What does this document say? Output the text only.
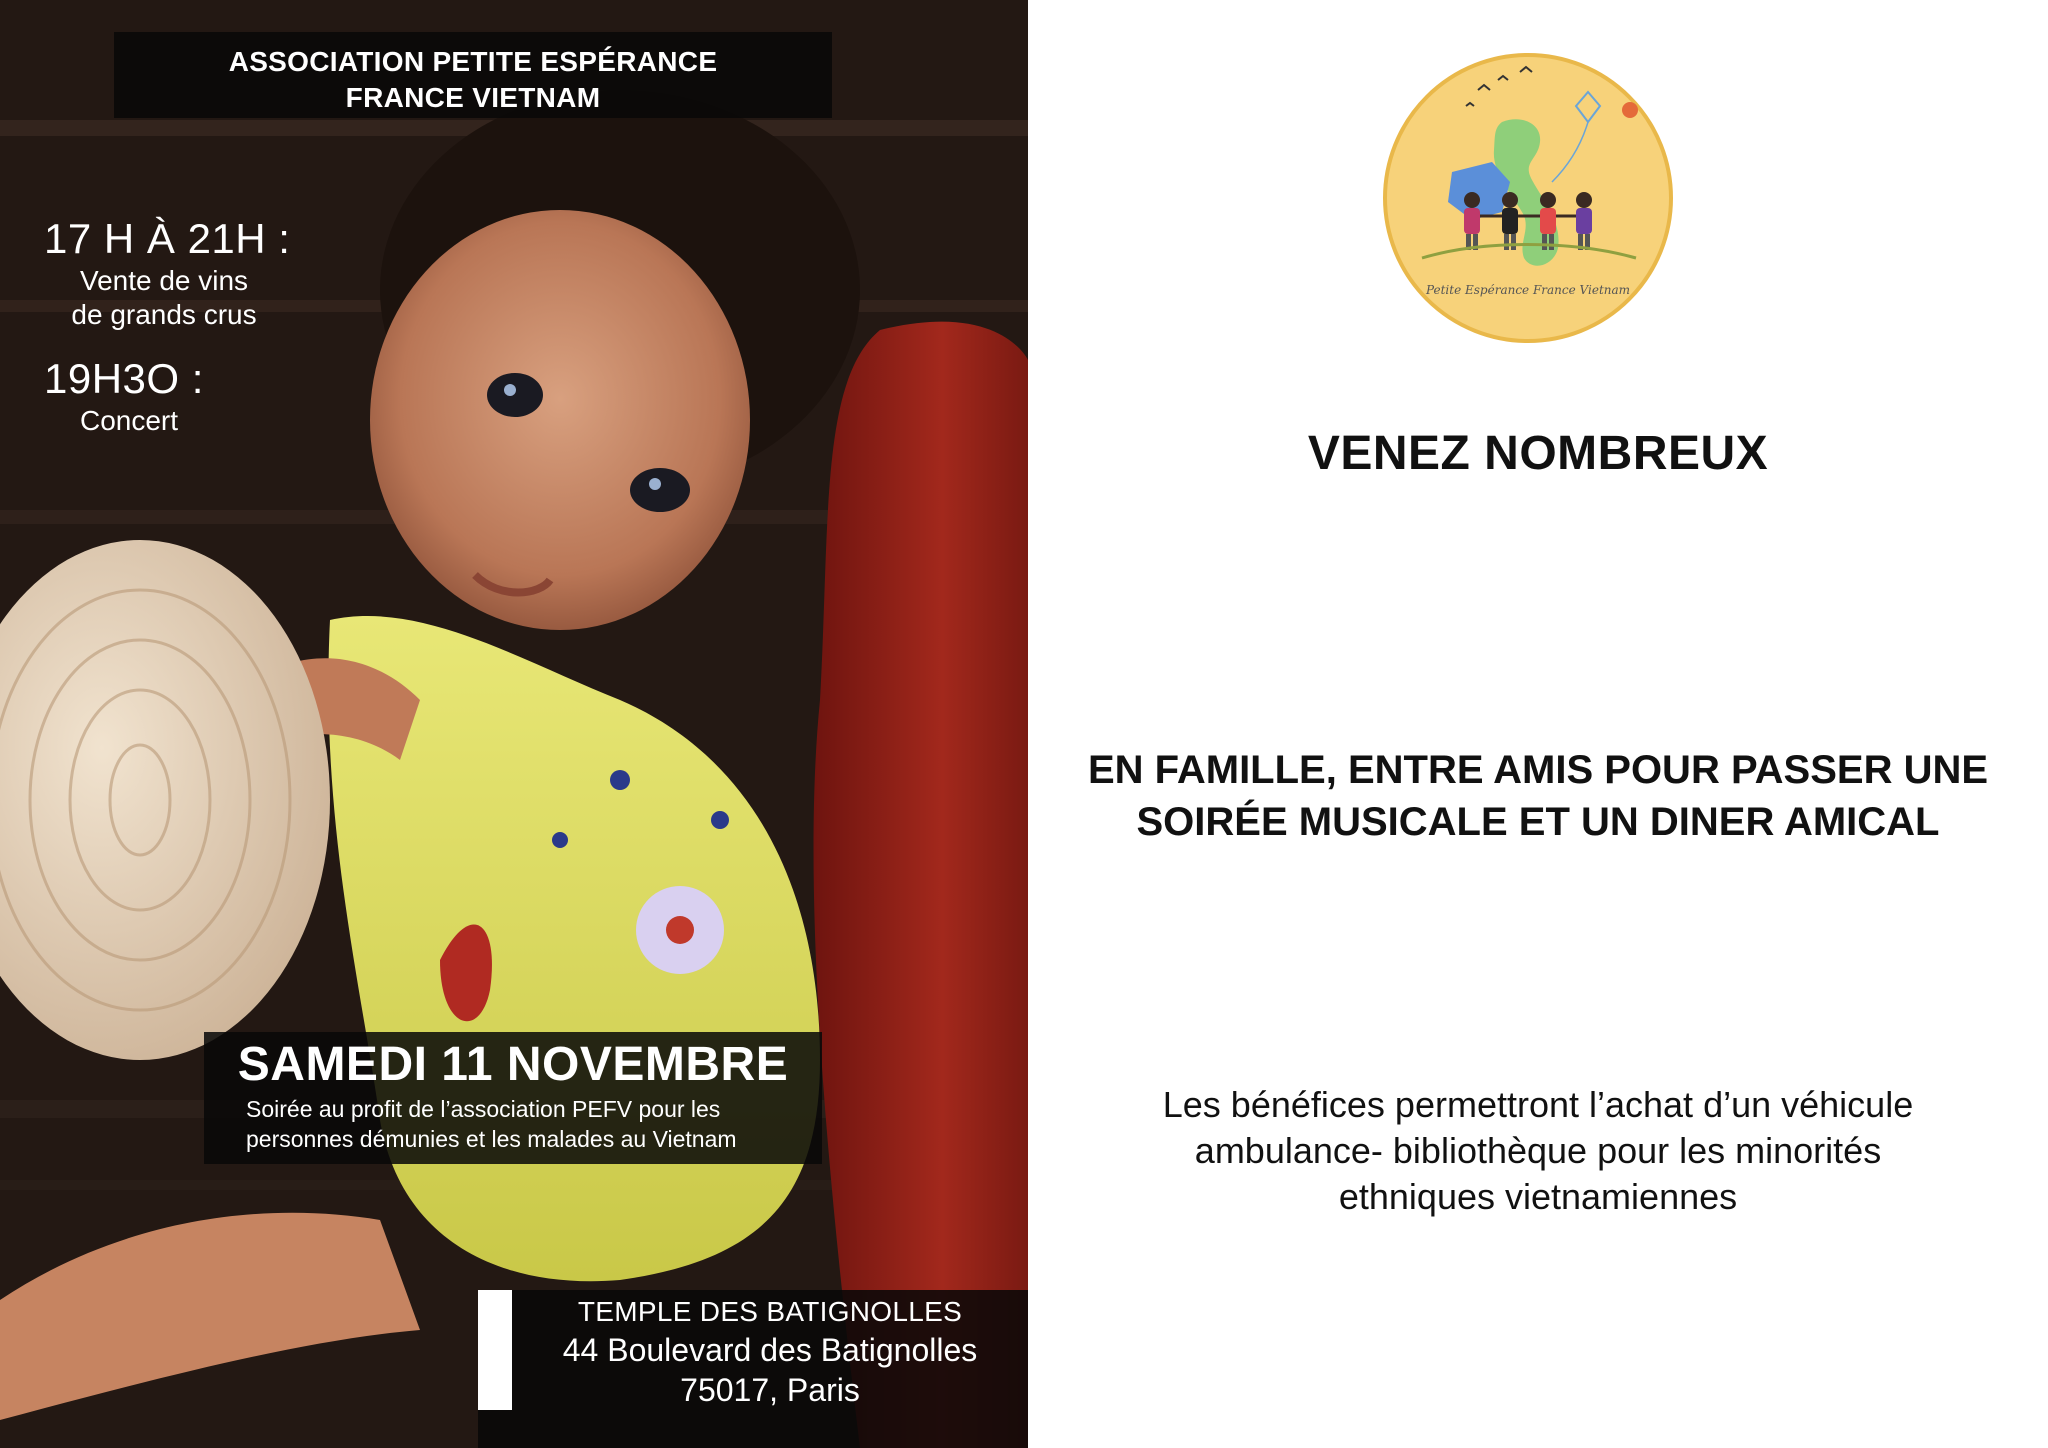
ASSOCIATION PETITE ESPÉRANCE
FRANCE VIETNAM
17 H À 21H :
Vente de vins
de grands crus
19H3O :
Concert
SAMEDI 11 NOVEMBRE
Soirée au profit de l’association PEFV pour les
personnes démunies et les malades au Vietnam
TEMPLE DES BATIGNOLLES
44 Boulevard des Batignolles
75017, Paris
Petite Espérance France Vietnam
VENEZ NOMBREUX
EN FAMILLE, ENTRE AMIS POUR PASSER UNE
SOIRÉE MUSICALE ET UN DINER AMICAL
Les bénéfices permettront l’achat d’un véhicule
ambulance- bibliothèque pour les minorités
ethniques vietnamiennes
